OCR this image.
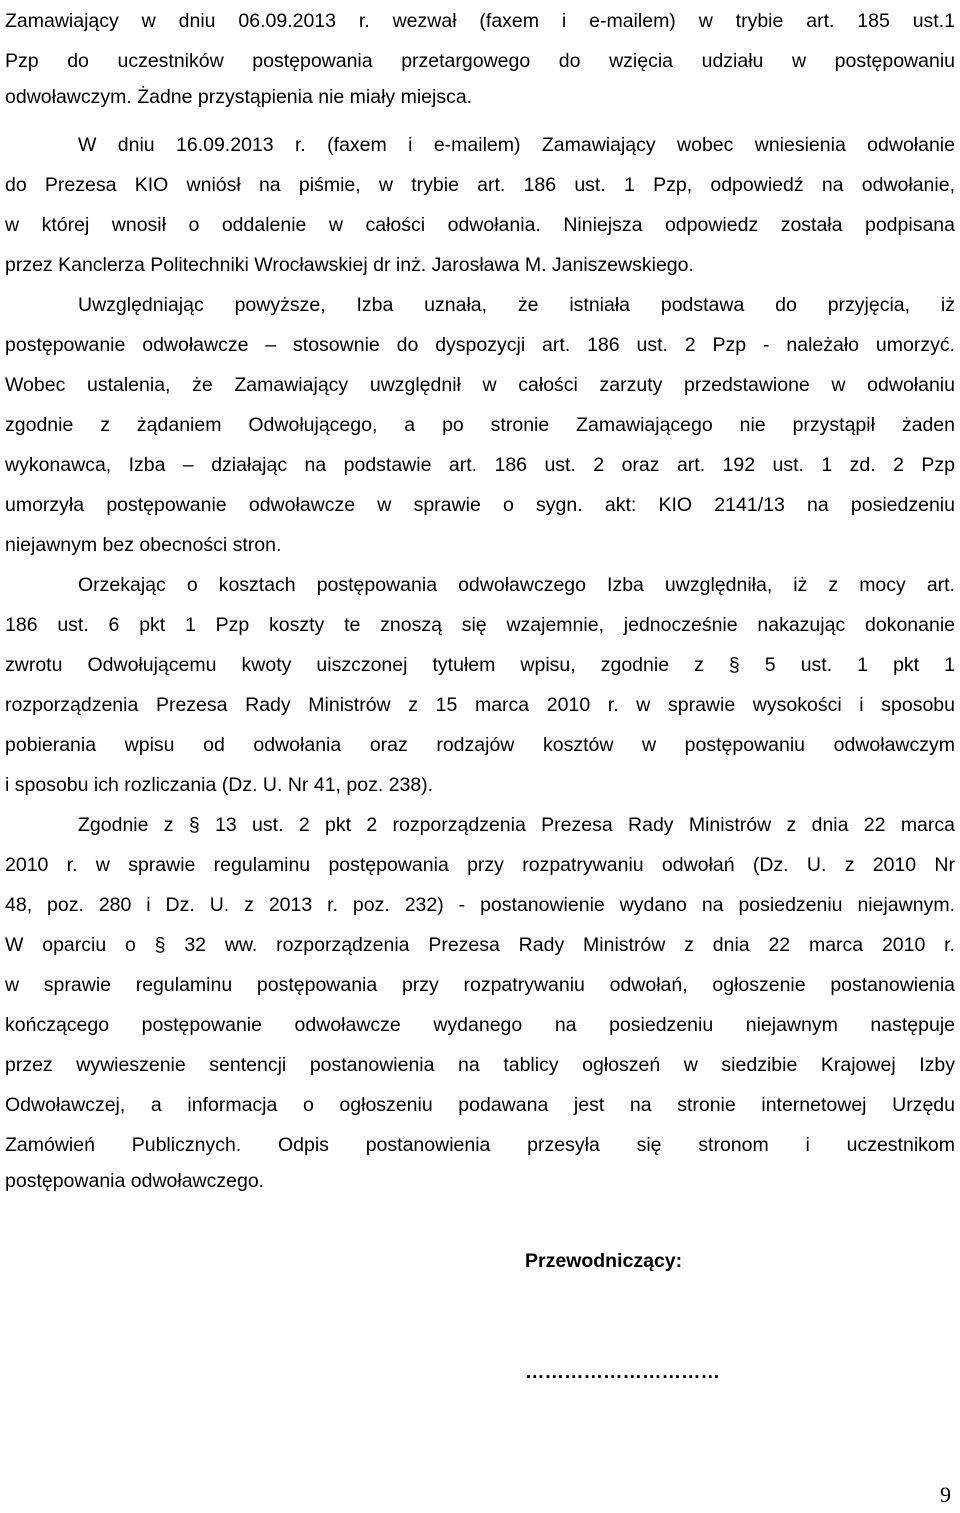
Zamawiający w dniu 06.09.2013 r. wezwał (faxem i e-mailem) w trybie art. 185 ust.1
Pzp do uczestników postępowania przetargowego do wzięcia udziału w postępowaniu
odwoławczym. Żadne przystąpienia nie miały miejsca.
W dniu 16.09.2013 r. (faxem i e-mailem) Zamawiający wobec wniesienia odwołanie
do Prezesa KIO wniósł na piśmie, w trybie art. 186 ust. 1 Pzp, odpowiedź na odwołanie,
w której wnosił o oddalenie w całości odwołania. Niniejsza odpowiedz została podpisana
przez Kanclerza Politechniki Wrocławskiej dr inż. Jarosława M. Janiszewskiego.
Uwzględniając powyższe, Izba uznała, że istniała podstawa do przyjęcia, iż
postępowanie odwoławcze – stosownie do dyspozycji art. 186 ust. 2 Pzp - należało umorzyć.
Wobec ustalenia, że Zamawiający uwzględnił w całości zarzuty przedstawione w odwołaniu
zgodnie z żądaniem Odwołującego, a po stronie Zamawiającego nie przystąpił żaden
wykonawca, Izba – działając na podstawie art. 186 ust. 2 oraz art. 192 ust. 1 zd. 2 Pzp
umorzyła postępowanie odwoławcze w sprawie o sygn. akt: KIO 2141/13 na posiedzeniu
niejawnym bez obecności stron.
Orzekając o kosztach postępowania odwoławczego Izba uwzględniła, iż z mocy art.
186 ust. 6 pkt 1 Pzp koszty te znoszą się wzajemnie, jednocześnie nakazując dokonanie
zwrotu Odwołującemu kwoty uiszczonej tytułem wpisu, zgodnie z § 5 ust. 1 pkt 1
rozporządzenia Prezesa Rady Ministrów z 15 marca 2010 r. w sprawie wysokości i sposobu
pobierania wpisu od odwołania oraz rodzajów kosztów w postępowaniu odwoławczym
i sposobu ich rozliczania (Dz. U. Nr 41, poz. 238).
Zgodnie z § 13 ust. 2 pkt 2 rozporządzenia Prezesa Rady Ministrów z dnia 22 marca
2010 r. w sprawie regulaminu postępowania przy rozpatrywaniu odwołań (Dz. U. z 2010 Nr
48, poz. 280 i Dz. U. z 2013 r. poz. 232) - postanowienie wydano na posiedzeniu niejawnym.
W oparciu o § 32 ww. rozporządzenia Prezesa Rady Ministrów z dnia 22 marca 2010 r.
w sprawie regulaminu postępowania przy rozpatrywaniu odwołań, ogłoszenie postanowienia
kończącego postępowanie odwoławcze wydanego na posiedzeniu niejawnym następuje
przez wywieszenie sentencji postanowienia na tablicy ogłoszeń w siedzibie Krajowej Izby
Odwoławczej, a informacja o ogłoszeniu podawana jest na stronie internetowej Urzędu
Zamówień Publicznych. Odpis postanowienia przesyła się stronom i uczestnikom
postępowania odwoławczego.
Przewodniczący:
…………………………
9
